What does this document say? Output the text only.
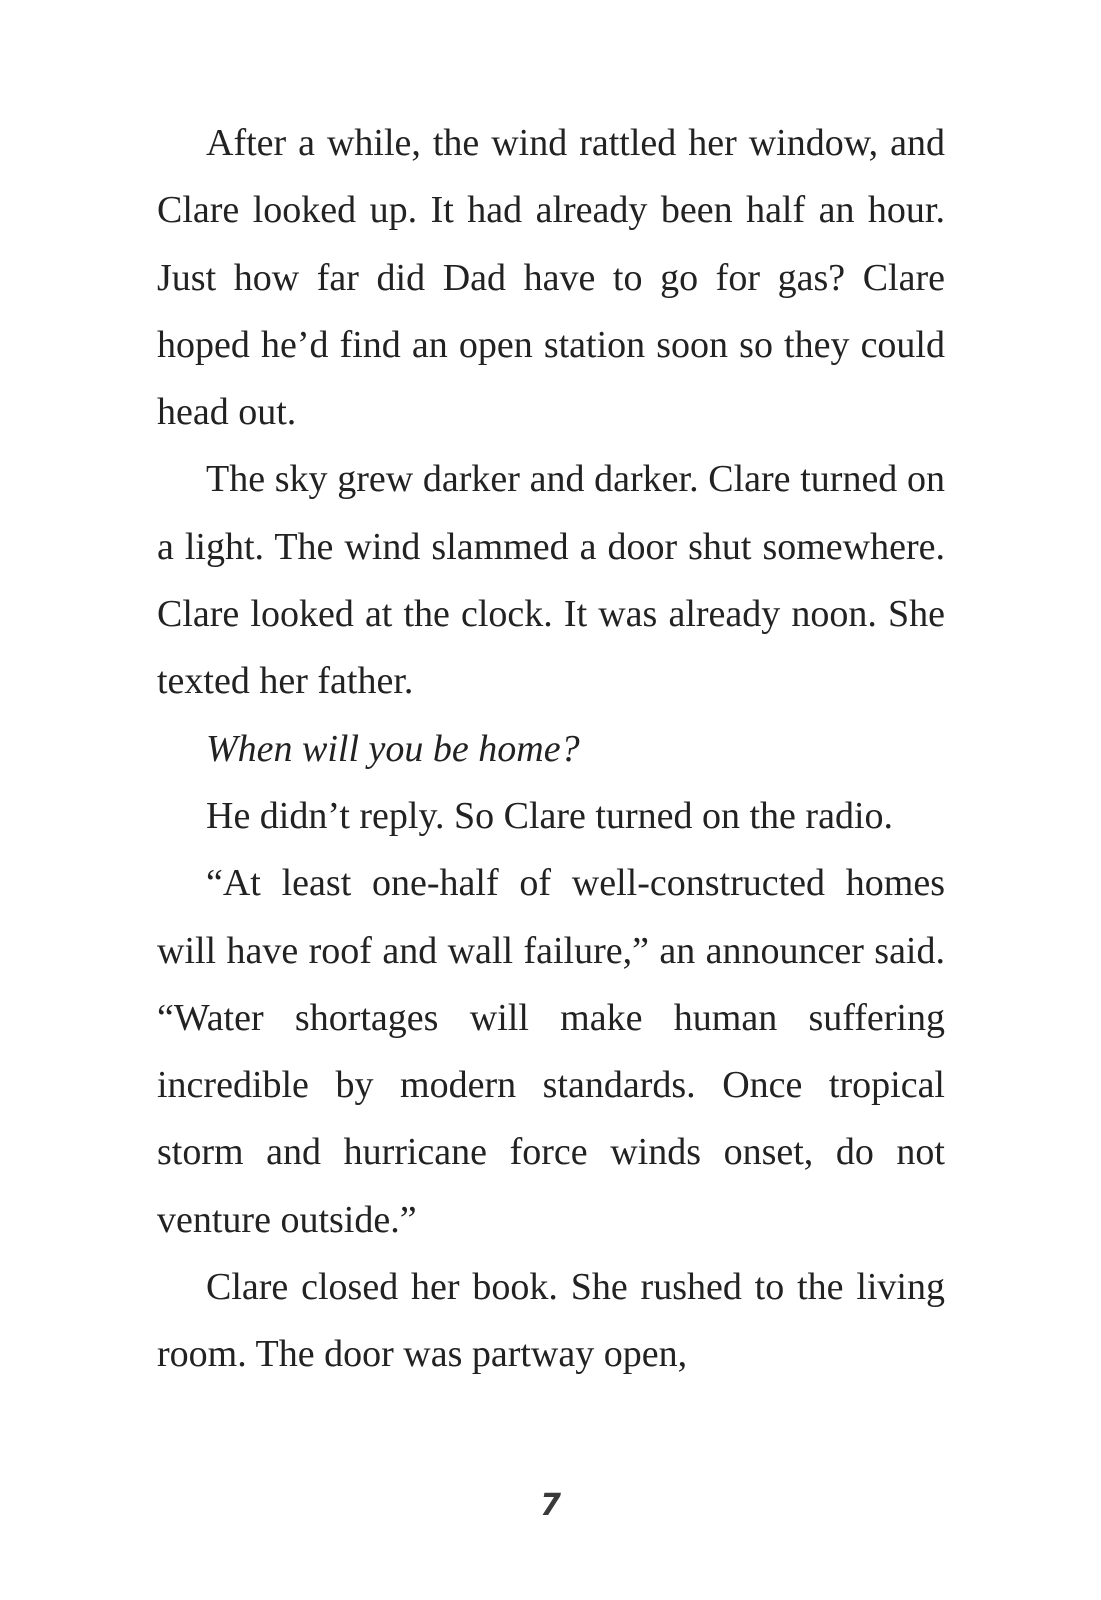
After a while, the wind rattled her window, and Clare looked up. It had already been half an hour. Just how far did Dad have to go for gas? Clare hoped he’d find an open station soon so they could head out.

The sky grew darker and darker. Clare turned on a light. The wind slammed a door shut somewhere. Clare looked at the clock. It was already noon. She texted her father.

When will you be home?

He didn’t reply. So Clare turned on the radio.

“At least one-half of well-constructed homes will have roof and wall failure,” an announcer said. “Water shortages will make human suffering incredible by modern standards. Once tropical storm and hurricane force winds onset, do not venture outside.”

Clare closed her book. She rushed to the living room. The door was partway open,

7
